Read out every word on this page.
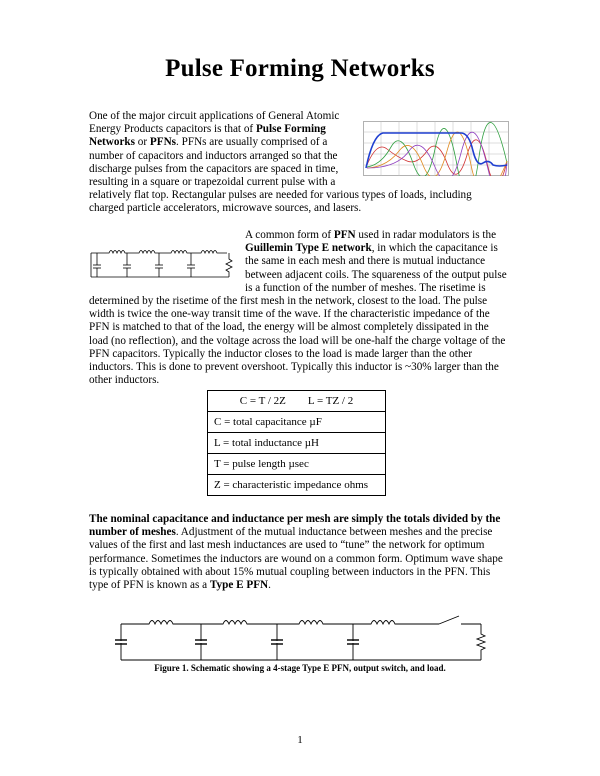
Pulse Forming Networks

One of the major circuit applications of General Atomic Energy Products capacitors is that of Pulse Forming Networks or PFNs. PFNs are usually comprised of a number of capacitors and inductors arranged so that the discharge pulses from the capacitors are spaced in time, resulting in a square or trapezoidal current pulse with a relatively flat top. Rectangular pulses are needed for various types of loads, including charged particle accelerators, microwave sources, and lasers.

A common form of PFN used in radar modulators is the Guillemin Type E network, in which the capacitance is the same in each mesh and there is mutual inductance between adjacent coils. The squareness of the output pulse is a function of the number of meshes. The risetime is determined by the risetime of the first mesh in the network, closest to the load. The pulse width is twice the one-way transit time of the wave. If the characteristic impedance of the PFN is matched to that of the load, the energy will be almost completely dissipated in the load (no reflection), and the voltage across the load will be one-half the charge voltage of the PFN capacitors. Typically the inductor closes to the load is made larger than the other inductors. This is done to prevent overshoot. Typically this inductor is ~30% larger than the other inductors.

C = T / 2Z L = TZ / 2
C = total capacitance µF
L = total inductance µH
T = pulse length µsec
Z = characteristic impedance ohms

The nominal capacitance and inductance per mesh are simply the totals divided by the number of meshes. Adjustment of the mutual inductance between meshes and the precise values of the first and last mesh inductances are used to “tune” the network for optimum performance. Sometimes the inductors are wound on a common form. Optimum wave shape is typically obtained with about 15% mutual coupling between inductors in the PFN. This type of PFN is known as a Type E PFN.

Figure 1. Schematic showing a 4-stage Type E PFN, output switch, and load.
1
